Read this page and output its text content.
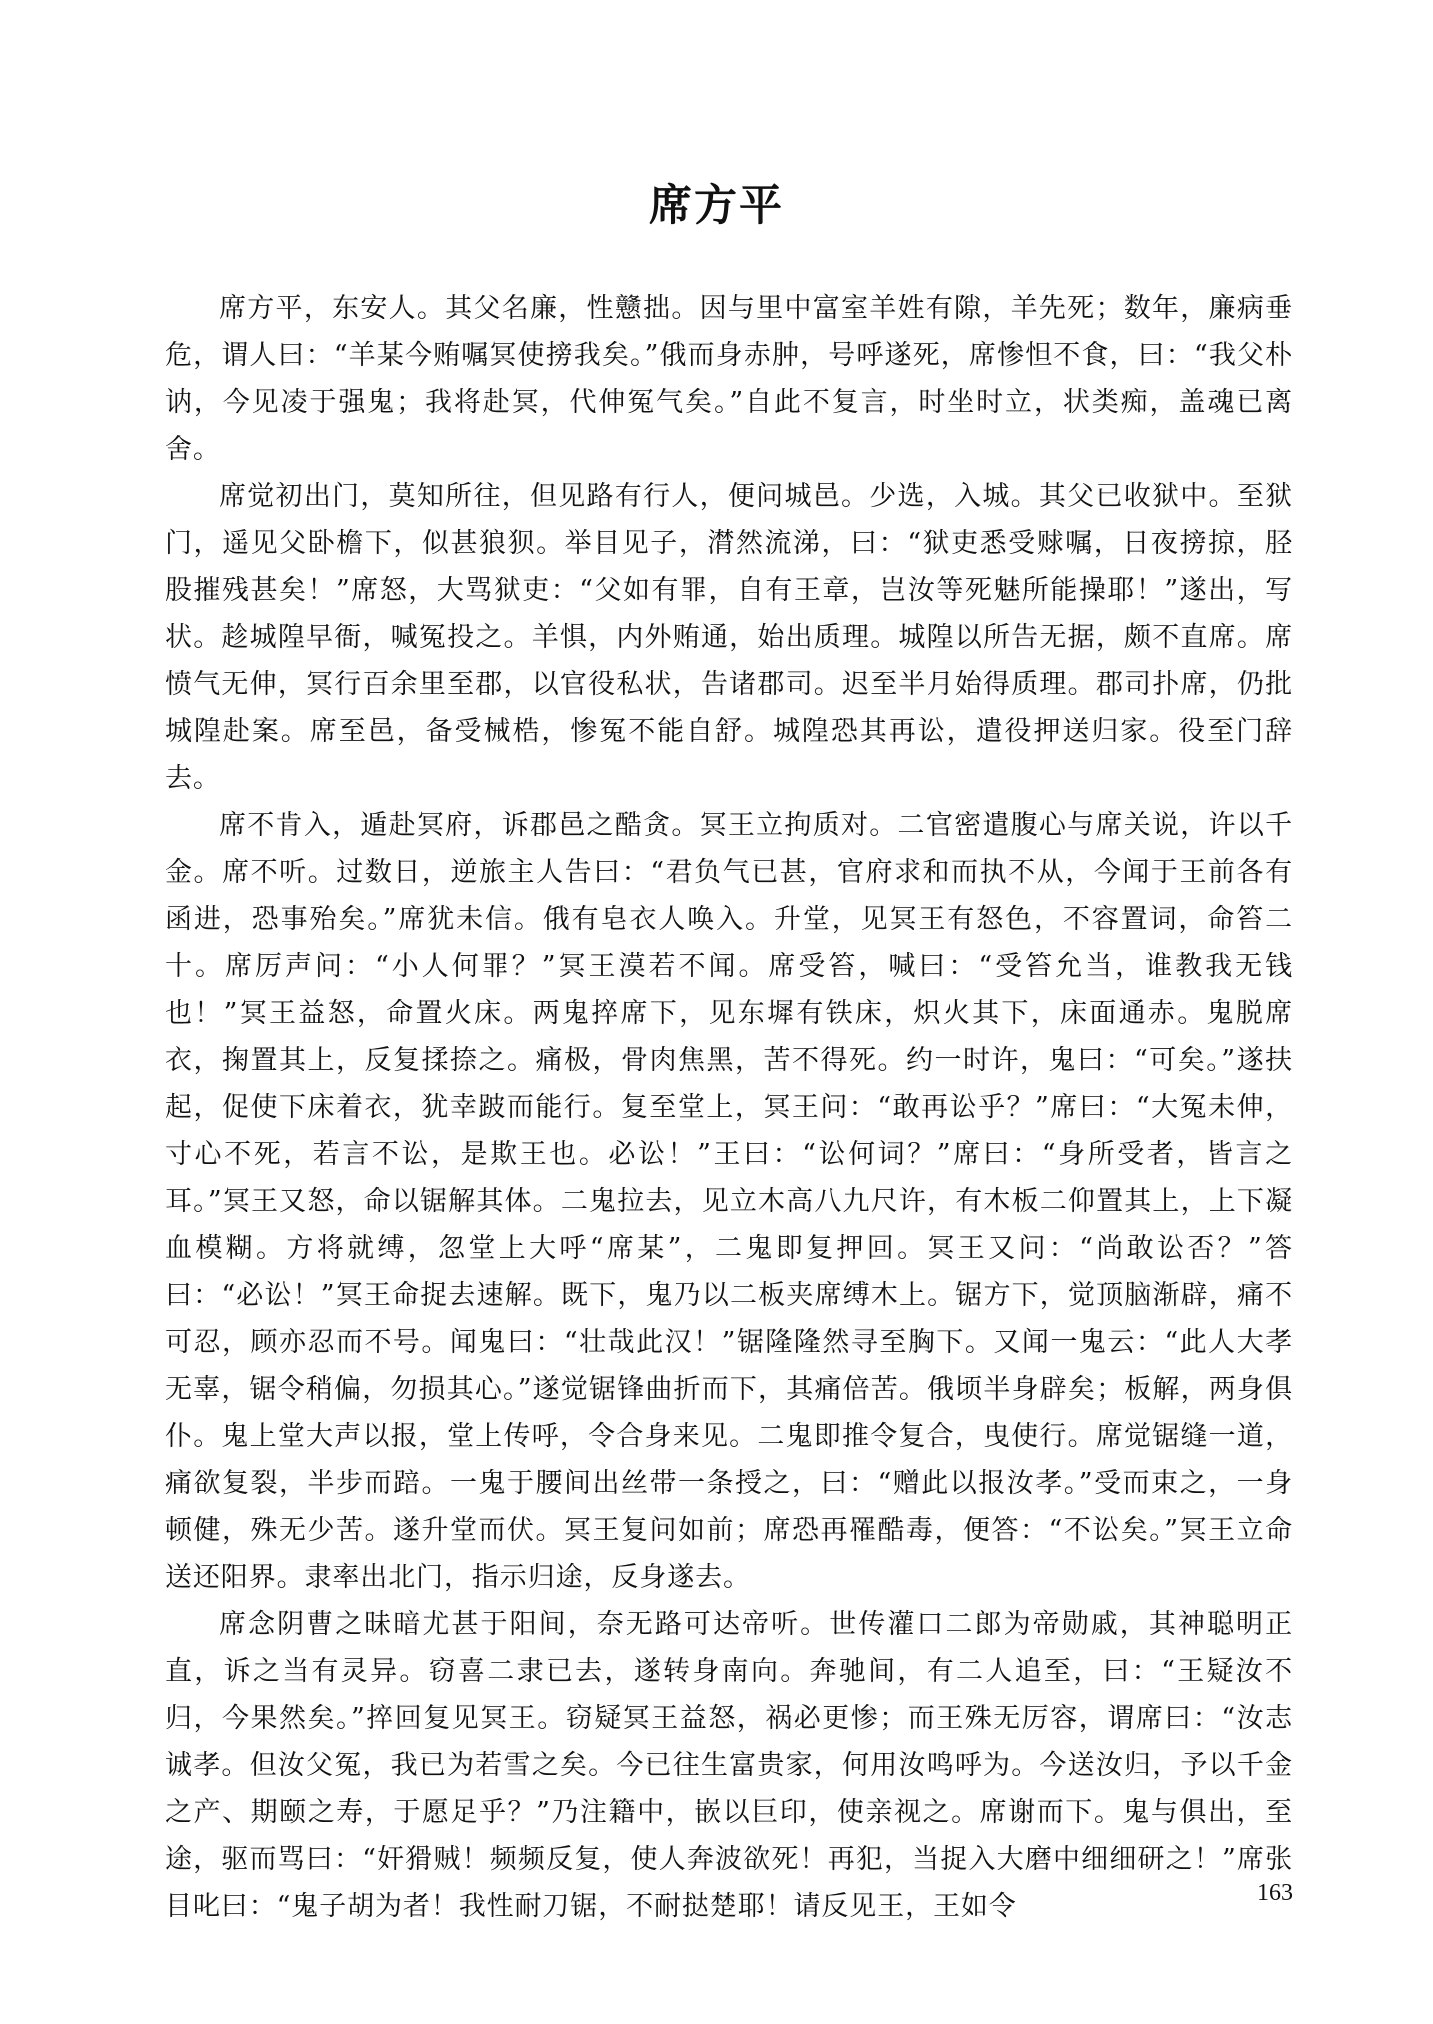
席方平

席方平，东安人。其父名廉，性戆拙。因与里中富室羊姓有隙，羊先死；数年，廉病垂危，谓人曰：“羊某今贿嘱冥使搒我矣。”俄而身赤肿，号呼遂死，席惨怛不食，曰：“我父朴讷，今见凌于强鬼；我将赴冥，代伸冤气矣。”自此不复言，时坐时立，状类痴，盖魂已离舍。

席觉初出门，莫知所往，但见路有行人，便问城邑。少选，入城。其父已收狱中。至狱门，遥见父卧檐下，似甚狼狈。举目见子，潸然流涕，曰：“狱吏悉受赇嘱，日夜搒掠，胫股摧残甚矣！”席怒，大骂狱吏：“父如有罪，自有王章，岂汝等死魅所能操耶！”遂出，写状。趁城隍早衙，喊冤投之。羊惧，内外贿通，始出质理。城隍以所告无据，颇不直席。席愤气无伸，冥行百余里至郡，以官役私状，告诸郡司。迟至半月始得质理。郡司扑席，仍批城隍赴案。席至邑，备受械梏，惨冤不能自舒。城隍恐其再讼，遣役押送归家。役至门辞去。

席不肯入，遁赴冥府，诉郡邑之酷贪。冥王立拘质对。二官密遣腹心与席关说，许以千金。席不听。过数日，逆旅主人告曰：“君负气已甚，官府求和而执不从，今闻于王前各有函进，恐事殆矣。”席犹未信。俄有皂衣人唤入。升堂，见冥王有怒色，不容置词，命笞二十。席厉声问：“小人何罪？”冥王漠若不闻。席受笞，喊曰：“受笞允当，谁教我无钱也！”冥王益怒，命置火床。两鬼捽席下，见东墀有铁床，炽火其下，床面通赤。鬼脱席衣，掬置其上，反复揉捺之。痛极，骨肉焦黑，苦不得死。约一时许，鬼曰：“可矣。”遂扶起，促使下床着衣，犹幸跛而能行。复至堂上，冥王问：“敢再讼乎？”席曰：“大冤未伸，寸心不死，若言不讼，是欺王也。必讼！”王曰：“讼何词？”席曰：“身所受者，皆言之耳。”冥王又怒，命以锯解其体。二鬼拉去，见立木高八九尺许，有木板二仰置其上，上下凝血模糊。方将就缚，忽堂上大呼“席某”，二鬼即复押回。冥王又问：“尚敢讼否？”答曰：“必讼！”冥王命捉去速解。既下，鬼乃以二板夹席缚木上。锯方下，觉顶脑渐辟，痛不可忍，顾亦忍而不号。闻鬼曰：“壮哉此汉！”锯隆隆然寻至胸下。又闻一鬼云：“此人大孝无辜，锯令稍偏，勿损其心。”遂觉锯锋曲折而下，其痛倍苦。俄顷半身辟矣；板解，两身俱仆。鬼上堂大声以报，堂上传呼，令合身来见。二鬼即推令复合，曳使行。席觉锯缝一道，痛欲复裂，半步而踣。一鬼于腰间出丝带一条授之，曰：“赠此以报汝孝。”受而束之，一身顿健，殊无少苦。遂升堂而伏。冥王复问如前；席恐再罹酷毒，便答：“不讼矣。”冥王立命送还阳界。隶率出北门，指示归途，反身遂去。

席念阴曹之昧暗尤甚于阳间，奈无路可达帝听。世传灌口二郎为帝勋戚，其神聪明正直，诉之当有灵异。窃喜二隶已去，遂转身南向。奔驰间，有二人追至，曰：“王疑汝不归，今果然矣。”捽回复见冥王。窃疑冥王益怒，祸必更惨；而王殊无厉容，谓席曰：“汝志诚孝。但汝父冤，我已为若雪之矣。今已往生富贵家，何用汝鸣呼为。今送汝归，予以千金之产、期颐之寿，于愿足乎？”乃注籍中，嵌以巨印，使亲视之。席谢而下。鬼与俱出，至途，驱而骂曰：“奸猾贼！频频反复，使人奔波欲死！再犯，当捉入大磨中细细研之！”席张目叱曰：“鬼子胡为者！我性耐刀锯，不耐挞楚耶！请反见王，王如令	163
